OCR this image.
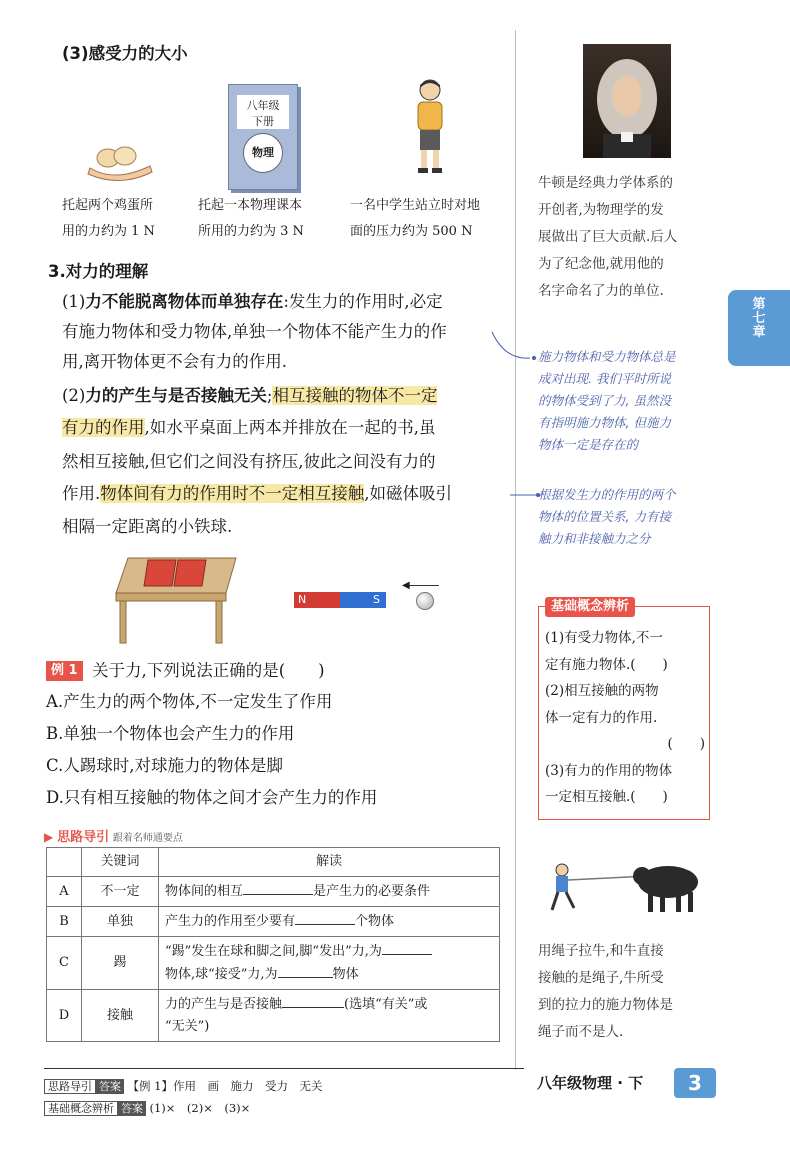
(3)感受力的大小
八年级
下册
物理
托起两个鸡蛋所
用的力约为 1 N
托起一本物理课本
所用的力约为 3 N
一名中学生站立时对地
面的压力约为 500 N
3.对力的理解
(1)力不能脱离物体而单独存在:发生力的作用时,必定
有施力物体和受力物体,单独一个物体不能产生力的作
用,离开物体更不会有力的作用.
(2)力的产生与是否接触无关;相互接触的物体不一定
有力的作用,如水平桌面上两本并排放在一起的书,虽
然相互接触,但它们之间没有挤压,彼此之间没有力的
作用.物体间有力的作用时不一定相互接触,如磁体吸引
相隔一定距离的小铁球.
◀
N	S
例 1 关于力,下列说法正确的是(　　)
A.产生力的两个物体,不一定发生了作用
B.单独一个物体也会产生力的作用
C.人踢球时,对球施力的物体是脚
D.只有相互接触的物体之间才会产生力的作用
▶ 思路导引 跟着名师通要点
	关键词	解读
A	不一定	物体间的相互 是产生力的必要条件
B	单独	产生力的作用至少要有 个物体
C	踢	“踢”发生在球和脚之间,脚“发出”力,为
物体,球“接受”力,为 物体
D	接触	力的产生与是否接触 (选填“有关”或
“无关”)
牛顿是经典力学体系的
开创者,为物理学的发
展做出了巨大贡献.后人
为了纪念他,就用他的
名字命名了力的单位.
第
七
章
施力物体和受力物体总是
成对出现. 我们平时所说
的物体受到了力, 虽然没
有指明施力物体, 但施力
物体一定是存在的
根据发生力的作用的两个
物体的位置关系, 力有接
触力和非接触力之分
基础概念辨析
(1)有受力物体,不一
定有施力物体.(　　)
(2)相互接触的两物
体一定有力的作用.
(　　)
(3)有力的作用的物体
一定相互接触.(　　)
用绳子拉牛,和牛直接
接触的是绳子,牛所受
到的拉力的施力物体是
绳子而不是人.
八年级物理 · 下	3
思路导引 答案 【例 1】作用　画　施力　受力　无关
基础概念辨析 答案 (1)×　(2)×　(3)×
